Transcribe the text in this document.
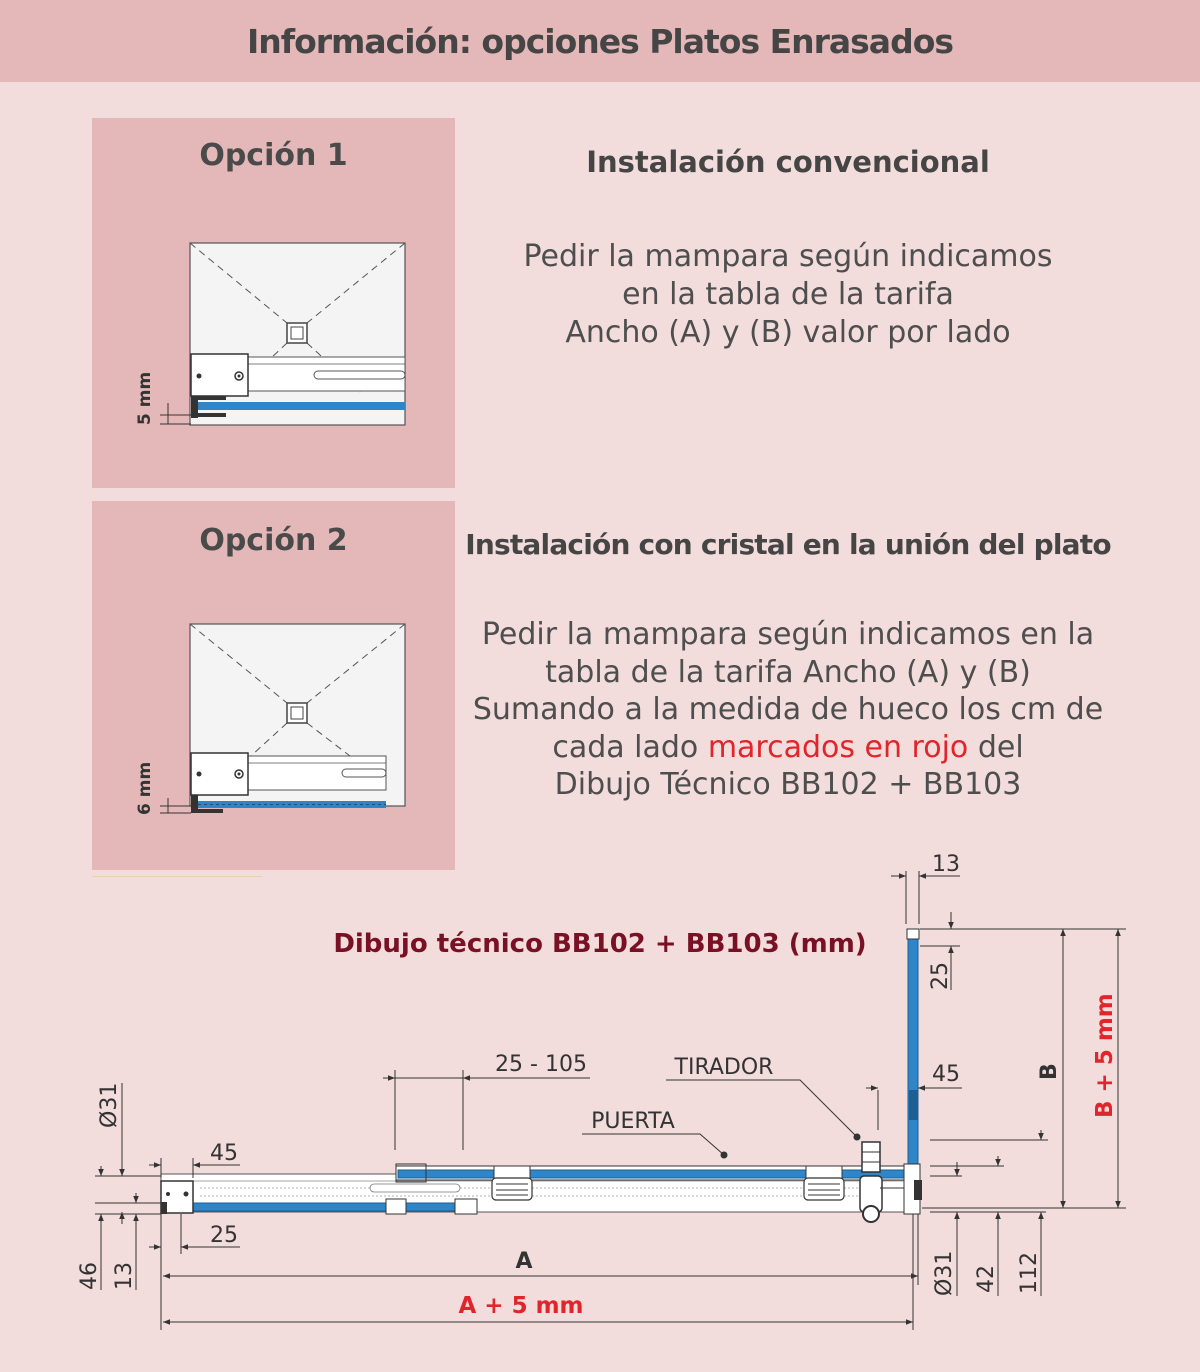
Información: opciones Platos Enrasados
Opción 1
5 mm
Opción 2
6 mm
Instalación convencional
Pedir la mampara según indicamos
en la tabla de la tarifa
Ancho (A) y (B) valor por lado
Instalación con cristal en la unión del plato
Pedir la mampara según indicamos en la
tabla de la tarifa Ancho (A) y (B)
Sumando a la medida de hueco los cm de
cada lado marcados en rojo del
Dibujo Técnico BB102 + BB103
Dibujo técnico BB102 + BB103 (mm)
13
25
B B + 5 mm
25 - 105	TIRADOR
PUERTA
45
Ø31
45
25
46 13
A
A + 5 mm
Ø31 42 112
